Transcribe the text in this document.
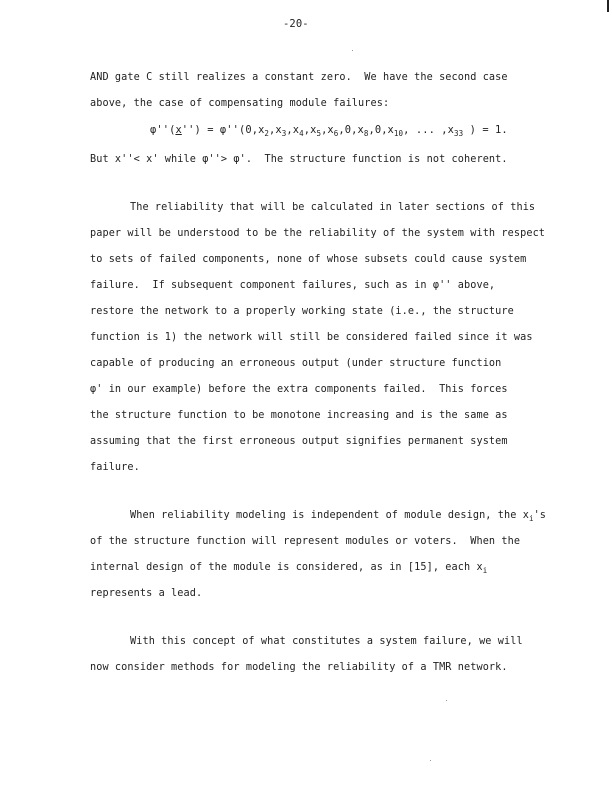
-20-
AND gate C still realizes a constant zero.  We have the second case
above, the case of compensating module failures:
$\varphi''(x'') = \varphi''(0,x_2,x_3,x_4,x_5,x_6,0,x_8,0,x_{10}$, ... $,x_{33}$ ) = 1.
But x''< x' while φ''> φ'.  The structure function is not coherent.
The reliability that will be calculated in later sections of this
paper will be understood to be the reliability of the system with respect
to sets of failed components, none of whose subsets could cause system
failure.  If subsequent component failures, such as in φ'' above,
restore the network to a properly working state (i.e., the structure
function is 1) the network will still be considered failed since it was
capable of producing an erroneous output (under structure function
φ' in our example) before the extra components failed.  This forces
the structure function to be monotone increasing and is the same as
assuming that the first erroneous output signifies permanent system
failure.
When reliability modeling is independent of module design, the $x_i's$
of the structure function will represent modules or voters.  When the
internal design of the module is considered, as in [15], each $x_i$
represents a lead.
With this concept of what constitutes a system failure, we will
now consider methods for modeling the reliability of a TMR network.
